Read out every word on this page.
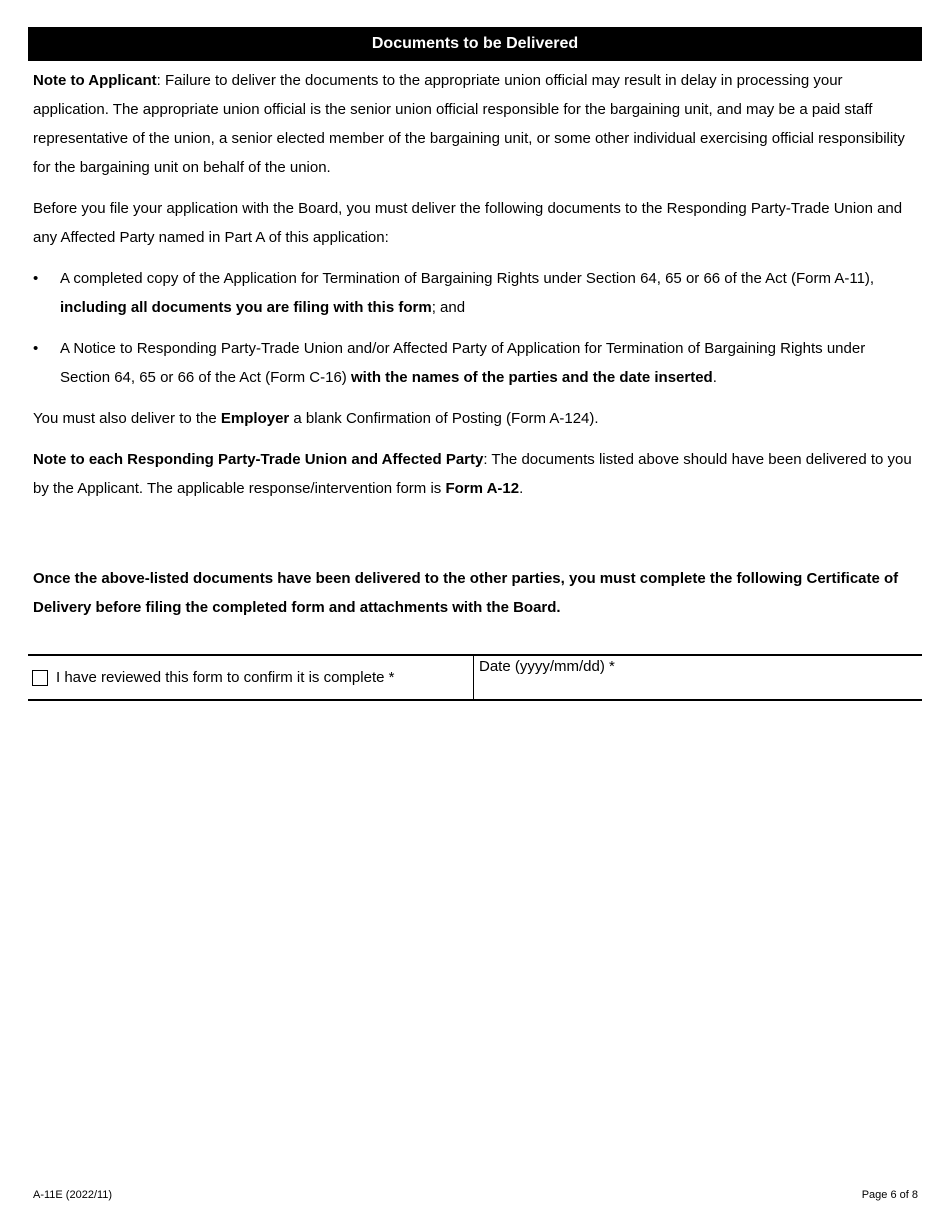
Documents to be Delivered

Note to Applicant: Failure to deliver the documents to the appropriate union official may result in delay in processing your application. The appropriate union official is the senior union official responsible for the bargaining unit, and may be a paid staff representative of the union, a senior elected member of the bargaining unit, or some other individual exercising official responsibility for the bargaining unit on behalf of the union.

Before you file your application with the Board, you must deliver the following documents to the Responding Party-Trade Union and any Affected Party named in Part A of this application:

• A completed copy of the Application for Termination of Bargaining Rights under Section 64, 65 or 66 of the Act (Form A-11), including all documents you are filing with this form; and
• A Notice to Responding Party-Trade Union and/or Affected Party of Application for Termination of Bargaining Rights under Section 64, 65 or 66 of the Act (Form C-16) with the names of the parties and the date inserted.

You must also deliver to the Employer a blank Confirmation of Posting (Form A-124).

Note to each Responding Party-Trade Union and Affected Party: The documents listed above should have been delivered to you by the Applicant. The applicable response/intervention form is Form A-12.

Once the above-listed documents have been delivered to the other parties, you must complete the following Certificate of Delivery before filing the completed form and attachments with the Board.

I have reviewed this form to confirm it is complete *
Date (yyyy/mm/dd) *
A-11E (2022/11)	Page 6 of 8
